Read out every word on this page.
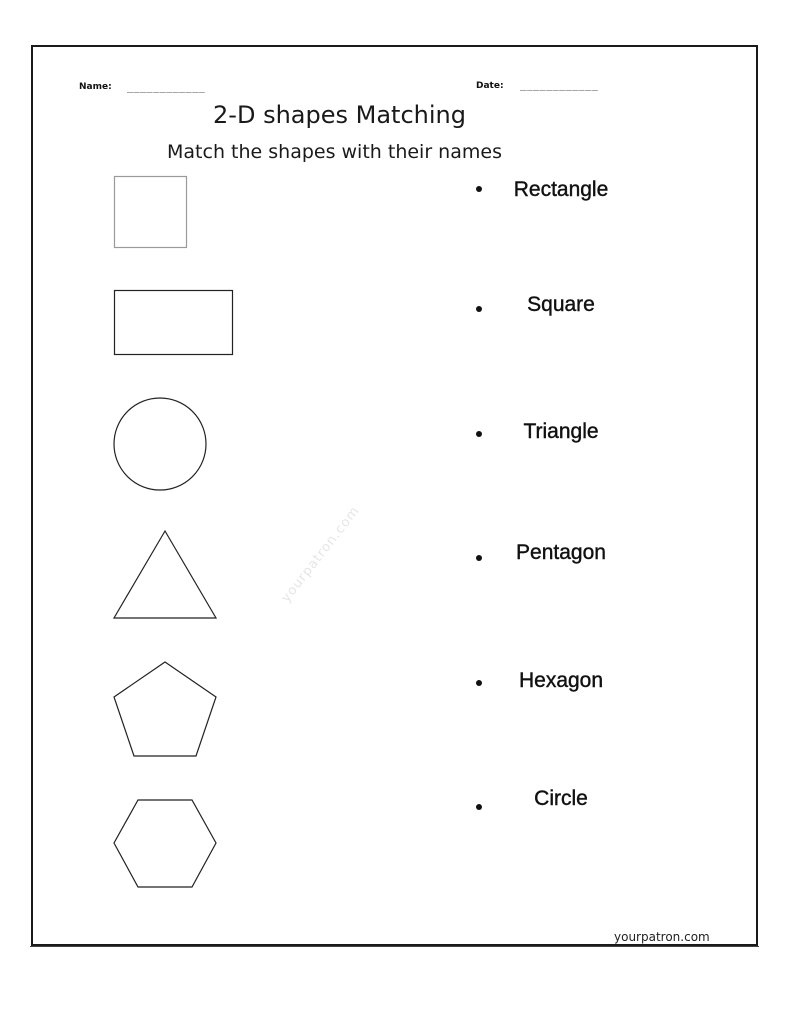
Name: ____________	Date: ____________
2-D shapes Matching
Match the shapes with their names
yourpatron.com
Rectangle
Square
Triangle
Pentagon
Hexagon
Circle
yourpatron.com
